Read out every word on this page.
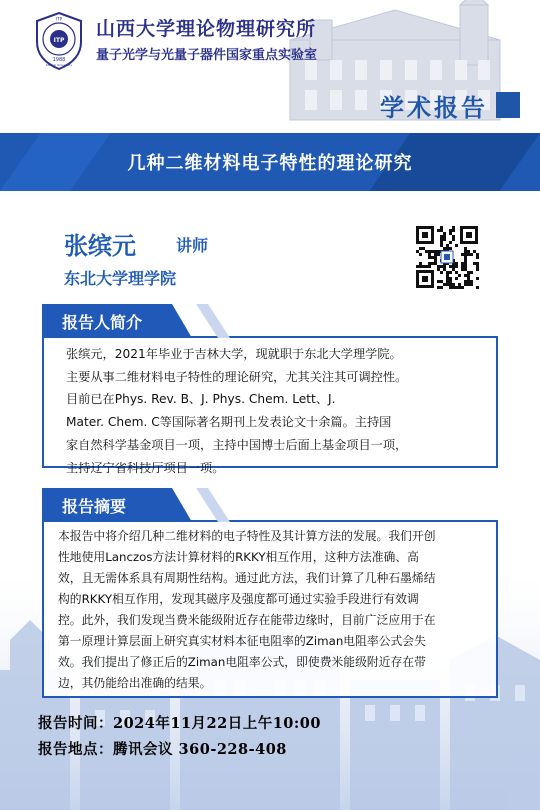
ITP
1988
ITP
Shanxi University
山西大学理论物理研究所
量子光学与光量子器件国家重点实验室
学术报告
几种二维材料电子特性的理论研究
张缤元	讲师
东北大学理学院
报告人简介
张缤元，2021年毕业于吉林大学，现就职于东北大学理学院。
主要从事二维材料电子特性的理论研究，尤其关注其可调控性。
目前已在Phys. Rev. B、J. Phys. Chem. Lett、J.
Mater. Chem. C等国际著名期刊上发表论文十余篇。主持国
家自然科学基金项目一项，主持中国博士后面上基金项目一项，
主持辽宁省科技厅项目一项。
报告摘要
本报告中将介绍几种二维材料的电子特性及其计算方法的发展。我们开创
性地使用Lanczos方法计算材料的RKKY相互作用，这种方法准确、高
效，且无需体系具有周期性结构。通过此方法，我们计算了几种石墨烯结
构的RKKY相互作用，发现其磁序及强度都可通过实验手段进行有效调
控。此外，我们发现当费米能级附近存在能带边缘时，目前广泛应用于在
第一原理计算层面上研究真实材料本征电阻率的Ziman电阻率公式会失
效。我们提出了修正后的Ziman电阻率公式，即使费米能级附近存在带
边，其仍能给出准确的结果。
报告时间：2024年11月22日上午10:00
报告地点：腾讯会议 360-228-408
